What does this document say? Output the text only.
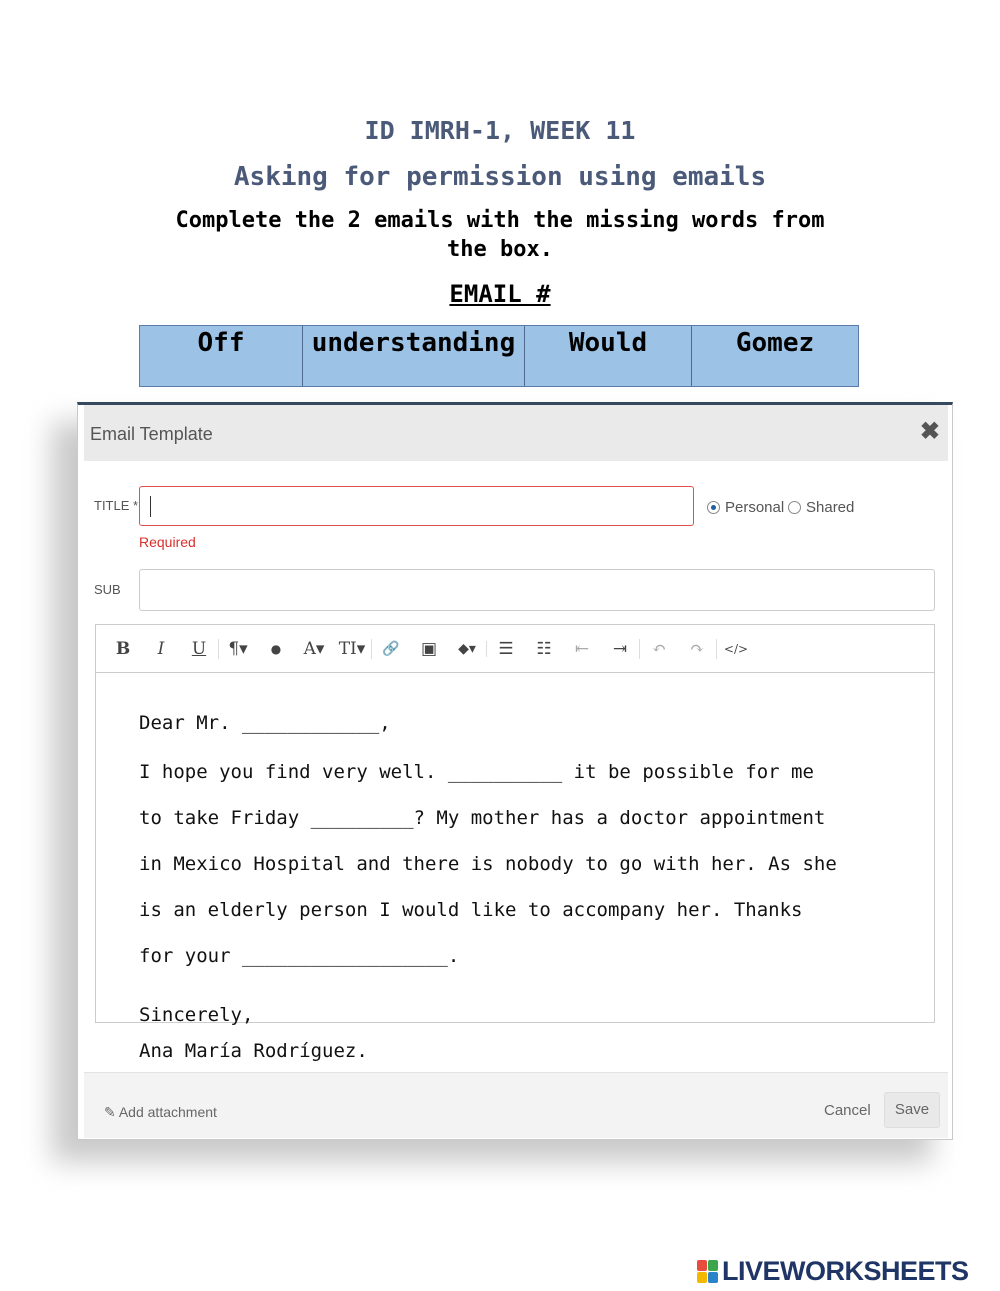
ID IMRH-1, WEEK 11
Asking for permission using emails
Complete the 2 emails with the missing words from the box.
EMAIL #
Off	understanding	Would	Gomez
Email Template	✖
TITLE *
Required
Personal Shared
SUB
B	I	U	¶▾	●	A▾ TI▾	🔗	▣	◆▾	☰	☷	⇤	⇥	↶	↷	</>
✎ Add attachment	Cancel	Save
Dear Mr. ____________,
I hope you find very well. __________ it be possible for me
to take Friday _________? My mother has a doctor appointment
in Mexico Hospital and there is nobody to go with her. As she
is an elderly person I would like to accompany her. Thanks
for your __________________.
Sincerely,
Ana María Rodríguez.
LIVEWORKSHEETS
